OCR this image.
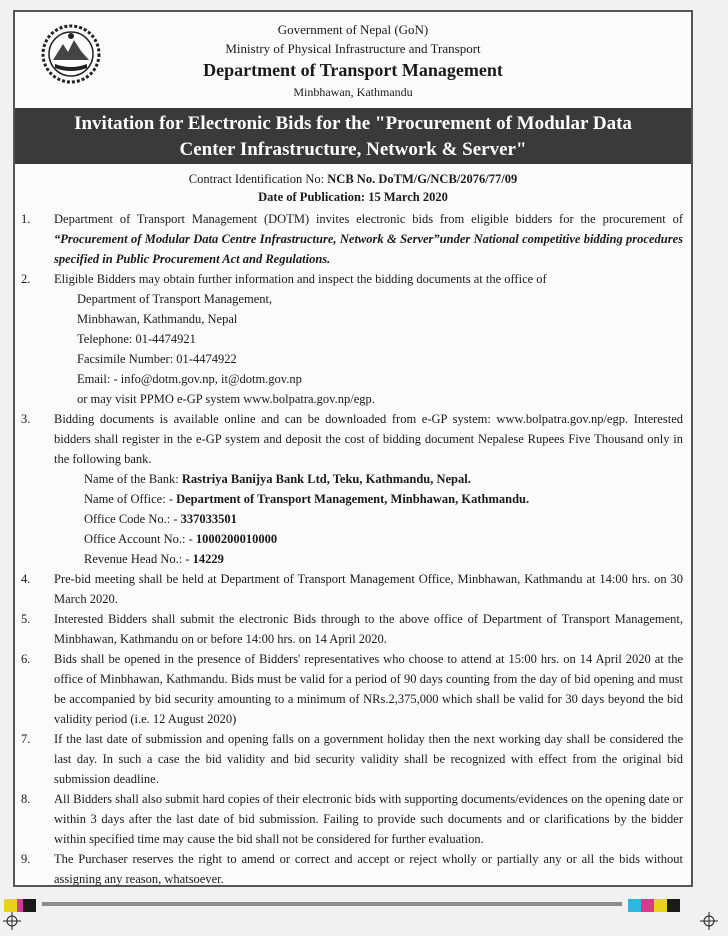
Government of Nepal (GoN)
Ministry of Physical Infrastructure and Transport
Department of Transport Management
Minbhawan, Kathmandu
Invitation for Electronic Bids for the "Procurement of Modular Data
Center Infrastructure, Network & Server"
Contract Identification No: NCB No. DoTM/G/NCB/2076/77/09
Date of Publication: 15 March 2020
1. Department of Transport Management (DOTM) invites electronic bids from eligible bidders for the procurement of “Procurement of Modular Data Centre Infrastructure, Network & Server”under National competitive bidding procedures specified in Public Procurement Act and Regulations.
2. Eligible Bidders may obtain further information and inspect the bidding documents at the office of
Department of Transport Management,
Minbhawan, Kathmandu, Nepal
Telephone: 01-4474921
Facsimile Number: 01-4474922
Email: - info@dotm.gov.np, it@dotm.gov.np
or may visit PPMO e-GP system www.bolpatra.gov.np/egp.
3. Bidding documents is available online and can be downloaded from e-GP system: www.bolpatra.gov.np/egp. Interested bidders shall register in the e-GP system and deposit the cost of bidding document Nepalese Rupees Five Thousand only in the following bank.
Name of the Bank: Rastriya Banijya Bank Ltd, Teku, Kathmandu, Nepal.
Name of Office: - Department of Transport Management, Minbhawan, Kathmandu.
Office Code No.: - 337033501
Office Account No.: - 1000200010000
Revenue Head No.: - 14229
4. Pre-bid meeting shall be held at Department of Transport Management Office, Minbhawan, Kathmandu at 14:00 hrs. on 30 March 2020.
5. Interested Bidders shall submit the electronic Bids through to the above office of Department of Transport Management, Minbhawan, Kathmandu on or before 14:00 hrs. on 14 April 2020.
6. Bids shall be opened in the presence of Bidders' representatives who choose to attend at 15:00 hrs. on 14 April 2020 at the office of Minbhawan, Kathmandu. Bids must be valid for a period of 90 days counting from the day of bid opening and must be accompanied by bid security amounting to a minimum of NRs.2,375,000 which shall be valid for 30 days beyond the bid validity period (i.e. 12 August 2020)
7. If the last date of submission and opening falls on a government holiday then the next working day shall be considered the last day. In such a case the bid validity and bid security validity shall be recognized with effect from the original bid submission deadline.
8. All Bidders shall also submit hard copies of their electronic bids with supporting documents/evidences on the opening date or within 3 days after the last date of bid submission. Failing to provide such documents and or clarifications by the bidder within specified time may cause the bid shall not be considered for further evaluation.
9. The Purchaser reserves the right to amend or correct and accept or reject wholly or partially any or all the bids without assigning any reason, whatsoever.
